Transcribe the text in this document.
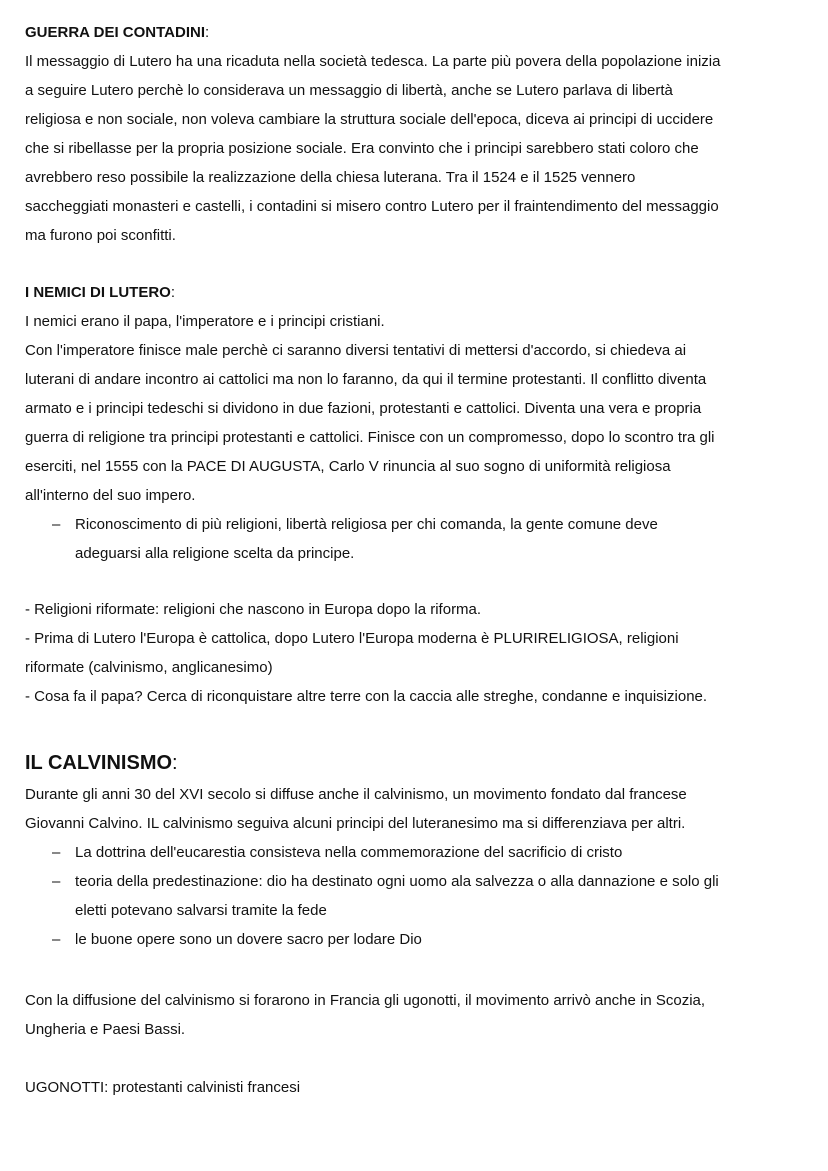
GUERRA DEI CONTADINI:
Il messaggio di Lutero ha una ricaduta nella società tedesca. La parte più povera della popolazione inizia
a seguire Lutero perchè lo considerava un messaggio di libertà, anche se Lutero parlava di libertà
religiosa e non sociale, non voleva cambiare la struttura sociale dell'epoca, diceva ai principi di uccidere
che si ribellasse per la propria posizione sociale. Era convinto che i principi sarebbero stati coloro che
avrebbero reso possibile la realizzazione della chiesa luterana. Tra il 1524 e il 1525 vennero
saccheggiati monasteri e castelli, i contadini si misero contro Lutero per il fraintendimento del messaggio
ma furono poi sconfitti.
I NEMICI DI LUTERO:
I nemici erano il papa, l'imperatore e i principi cristiani.
Con l'imperatore finisce male perchè ci saranno diversi tentativi di mettersi d'accordo, si chiedeva ai
luterani di andare incontro ai cattolici ma non lo faranno, da qui il termine protestanti. Il conflitto diventa
armato e i principi tedeschi si dividono in due fazioni, protestanti e cattolici. Diventa una vera e propria
guerra di religione tra principi protestanti e cattolici. Finisce con un compromesso, dopo lo scontro tra gli
eserciti, nel 1555 con la PACE DI AUGUSTA, Carlo V rinuncia al suo sogno di uniformità religiosa
all'interno del suo impero.
– Riconoscimento di più religioni, libertà religiosa per chi comanda, la gente comune deve
adeguarsi alla religione scelta da principe.
- Religioni riformate: religioni che nascono in Europa dopo la riforma.
- Prima di Lutero l'Europa è cattolica, dopo Lutero l'Europa moderna è PLURIRELIGIOSA, religioni
riformate (calvinismo, anglicanesimo)
- Cosa fa il papa? Cerca di riconquistare altre terre con la caccia alle streghe, condanne e inquisizione.
IL CALVINISMO:
Durante gli anni 30 del XVI secolo si diffuse anche il calvinismo, un movimento fondato dal francese
Giovanni Calvino. IL calvinismo seguiva alcuni principi del luteranesimo ma si differenziava per altri.
– La dottrina dell'eucarestia consisteva nella commemorazione del sacrificio di cristo
– teoria della predestinazione: dio ha destinato ogni uomo ala salvezza o alla dannazione e solo gli
eletti potevano salvarsi tramite la fede
– le buone opere sono un dovere sacro per lodare Dio
Con la diffusione del calvinismo si forarono in Francia gli ugonotti, il movimento arrivò anche in Scozia,
Ungheria e Paesi Bassi.
UGONOTTI: protestanti calvinisti francesi
